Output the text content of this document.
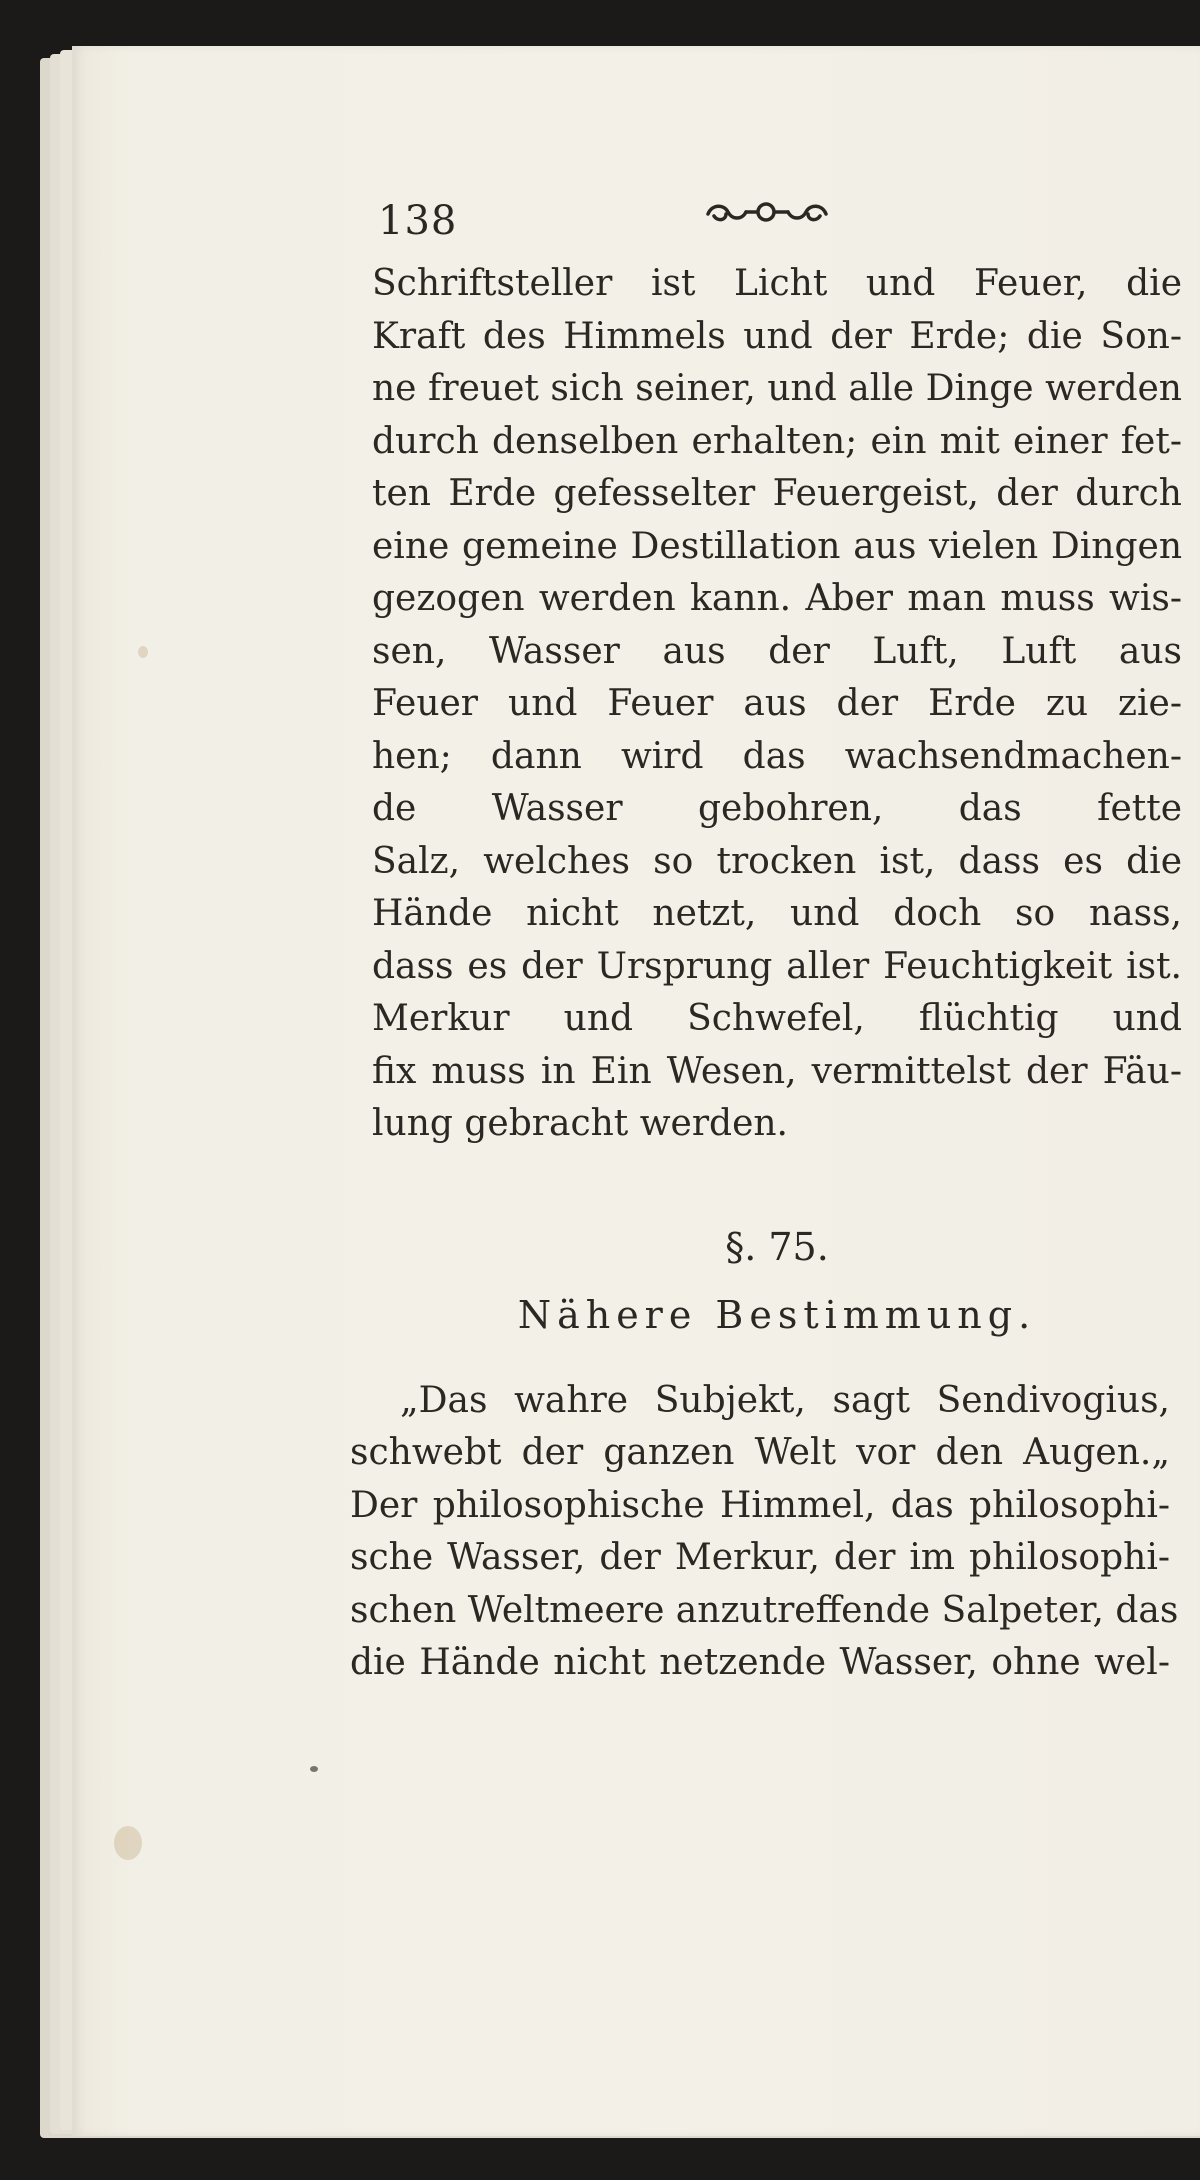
138
Schriftsteller ist Licht und Feuer, die
Kraft des Himmels und der Erde; die Son-
ne freuet sich seiner, und alle Dinge werden
durch denselben erhalten; ein mit einer fet-
ten Erde gefesselter Feuergeist, der durch
eine gemeine Destillation aus vielen Dingen
gezogen werden kann. Aber man muss wis-
sen, Wasser aus der Luft, Luft aus
Feuer und Feuer aus der Erde zu zie-
hen; dann wird das wachsendmachen-
de Wasser gebohren, das fette
Salz, welches so trocken ist, dass es die
Hände nicht netzt, und doch so nass,
dass es der Ursprung aller Feuchtigkeit ist.
Merkur und Schwefel, flüchtig und
fix muss in Ein Wesen, vermittelst der Fäu-
lung gebracht werden.
§. 75.
Nähere Bestimmung.
„Das wahre Subjekt, sagt Sendivogius,
schwebt der ganzen Welt vor den Augen.„
Der philosophische Himmel, das philosophi-
sche Wasser, der Merkur, der im philosophi-
schen Weltmeere anzutreffende Salpeter, das
die Hände nicht netzende Wasser, ohne wel-
